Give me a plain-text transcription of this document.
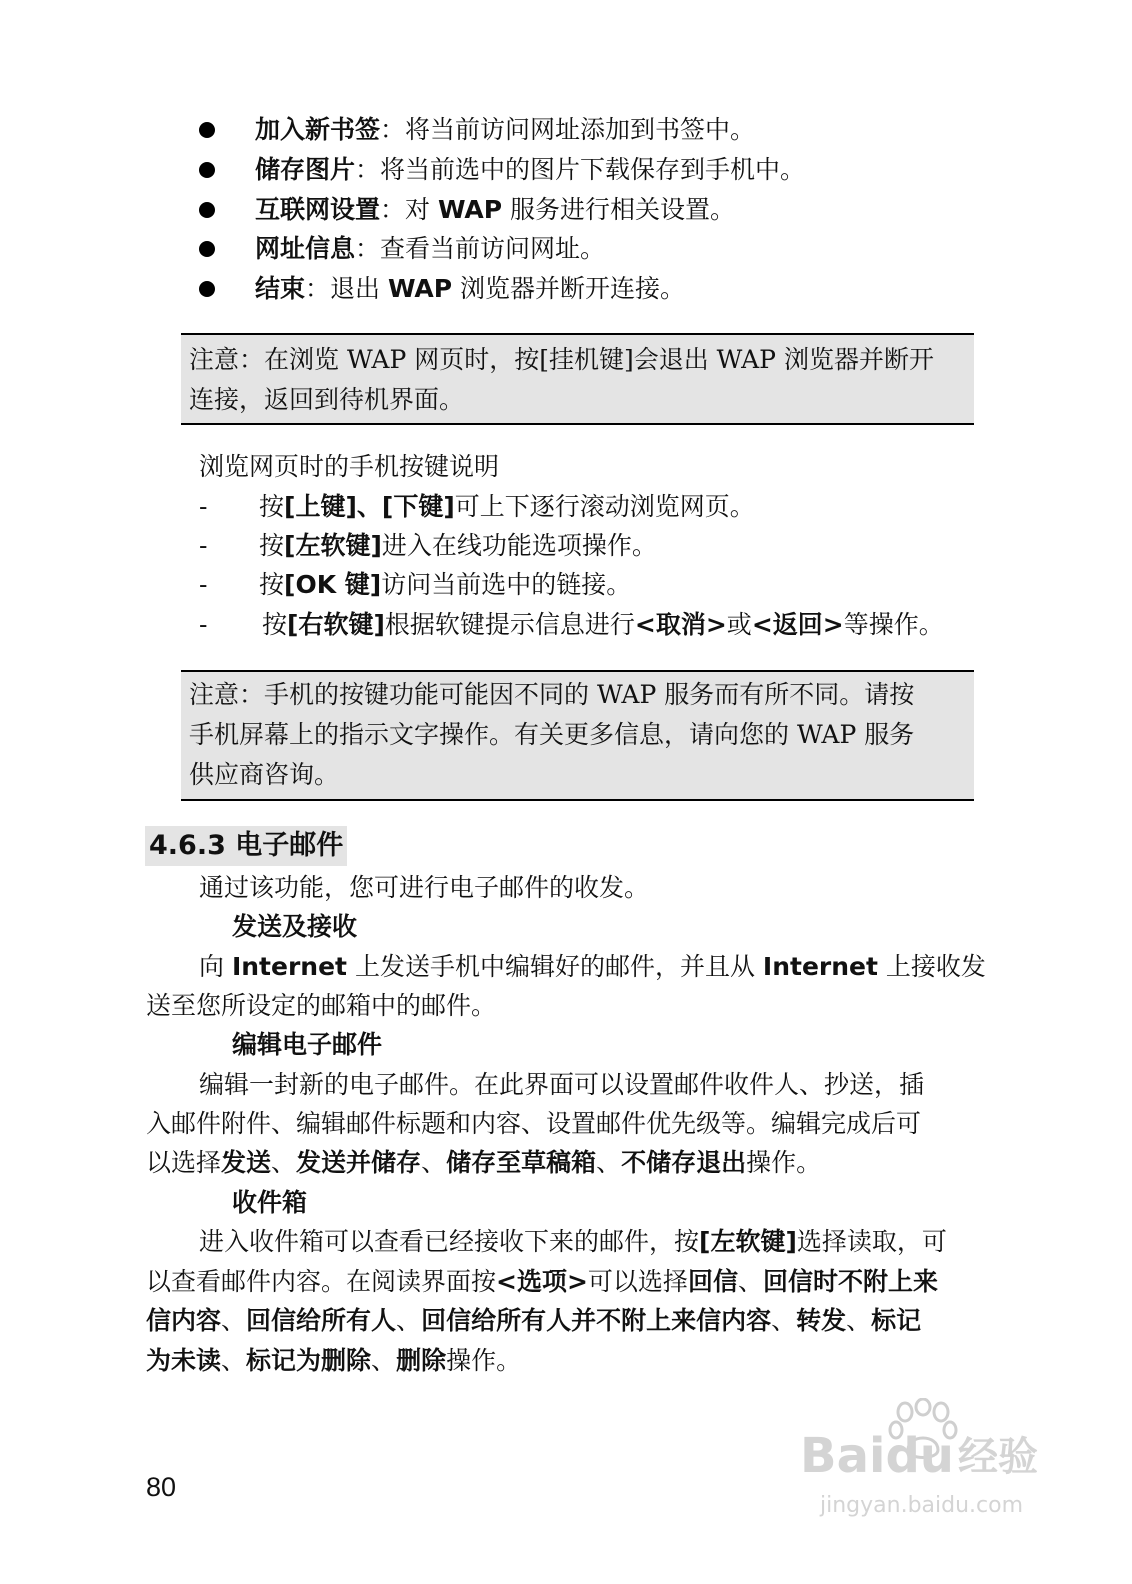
加入新书签：将当前访问网址添加到书签中。
储存图片：将当前选中的图片下载保存到手机中。
互联网设置：对 WAP 服务进行相关设置。
网址信息：查看当前访问网址。
结束：退出 WAP 浏览器并断开连接。
注意：在浏览 WAP 网页时，按[挂机键]会退出 WAP 浏览器并断开
连接，返回到待机界面。
浏览网页时的手机按键说明
- 按[上键]、[下键]可上下逐行滚动浏览网页。
- 按[左软键]进入在线功能选项操作。
- 按[OK 键]访问当前选中的链接。
- 按[右软键]根据软键提示信息进行<取消>或<返回>等操作。
注意：手机的按键功能可能因不同的 WAP 服务而有所不同。请按
手机屏幕上的指示文字操作。有关更多信息，请向您的 WAP 服务
供应商咨询。
4.6.3 电子邮件
通过该功能，您可进行电子邮件的收发。
发送及接收
向 Internet 上发送手机中编辑好的邮件，并且从 Internet 上接收发
送至您所设定的邮箱中的邮件。
编辑电子邮件
编辑一封新的电子邮件。在此界面可以设置邮件收件人、抄送，插
入邮件附件、编辑邮件标题和内容、设置邮件优先级等。编辑完成后可
以选择发送、发送并储存、储存至草稿箱、不储存退出操作。
收件箱
进入收件箱可以查看已经接收下来的邮件，按[左软键]选择读取，可
以查看邮件内容。在阅读界面按<选项>可以选择回信、回信时不附上来
信内容、回信给所有人、回信给所有人并不附上来信内容、转发、标记
为未读、标记为删除、删除操作。
80
Baidu 经验
jingyan.baidu.com
